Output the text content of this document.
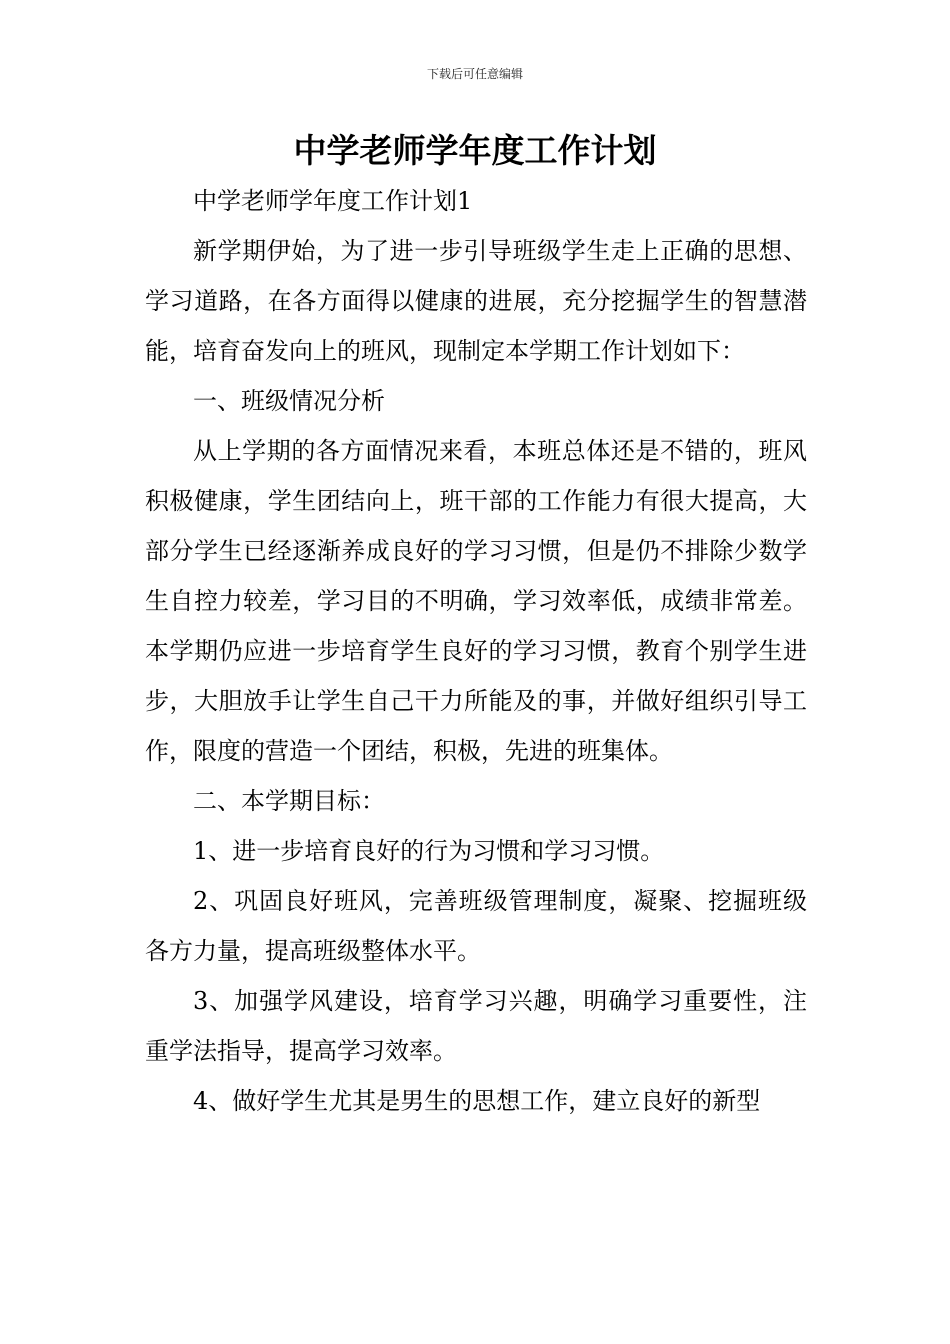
下载后可任意编辑
中学老师学年度工作计划

中学老师学年度工作计划1

新学期伊始，为了进一步引导班级学生走上正确的思想、学习道路，在各方面得以健康的进展，充分挖掘学生的智慧潜能，培育奋发向上的班风，现制定本学期工作计划如下：

一、班级情况分析

从上学期的各方面情况来看，本班总体还是不错的，班风积极健康，学生团结向上，班干部的工作能力有很大提高，大部分学生已经逐渐养成良好的学习习惯，但是仍不排除少数学生自控力较差，学习目的不明确，学习效率低，成绩非常差。本学期仍应进一步培育学生良好的学习习惯，教育个别学生进步，大胆放手让学生自己干力所能及的事，并做好组织引导工作，限度的营造一个团结，积极，先进的班集体。

二、本学期目标：

1、进一步培育良好的行为习惯和学习习惯。

2、巩固良好班风，完善班级管理制度，凝聚、挖掘班级各方力量，提高班级整体水平。

3、加强学风建设，培育学习兴趣，明确学习重要性，注重学法指导，提高学习效率。

4、做好学生尤其是男生的思想工作，建立良好的新型
